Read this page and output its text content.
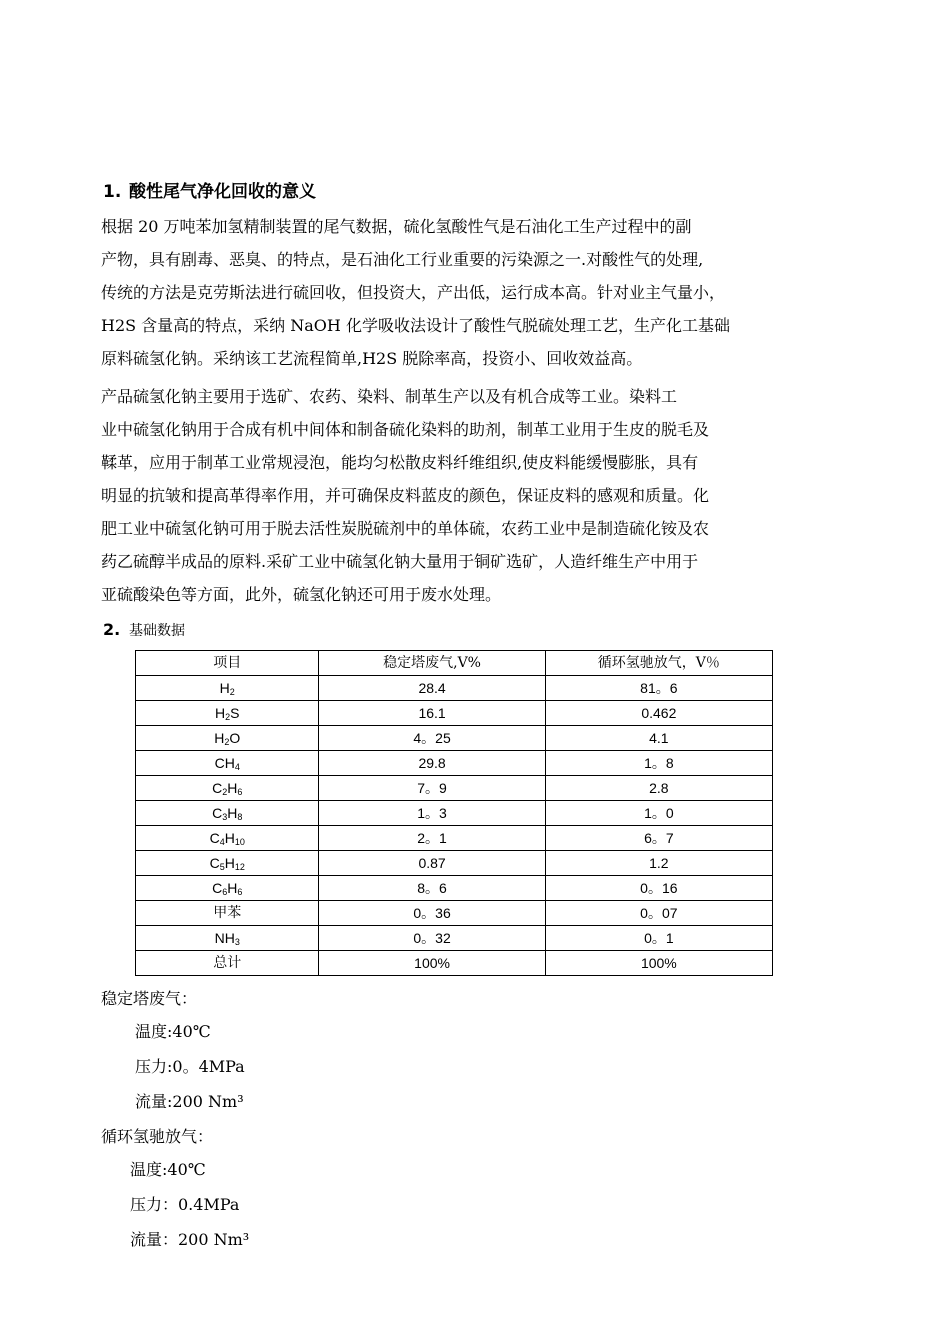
1. 酸性尾气净化回收的意义
根据 20 万吨苯加氢精制装置的尾气数据，硫化氢酸性气是石油化工生产过程中的副
产物，具有剧毒、恶臭、的特点，是石油化工行业重要的污染源之一.对酸性气的处理,
传统的方法是克劳斯法进行硫回收，但投资大，产出低，运行成本高。针对业主气量小，
H2S 含量高的特点，采纳 NaOH 化学吸收法设计了酸性气脱硫处理工艺，生产化工基础
原料硫氢化钠。采纳该工艺流程简单,H2S 脱除率高，投资小、回收效益高。
产品硫氢化钠主要用于选矿、农药、染料、制革生产以及有机合成等工业。染料工
业中硫氢化钠用于合成有机中间体和制备硫化染料的助剂，制革工业用于生皮的脱毛及
鞣革，应用于制革工业常规浸泡，能均匀松散皮料纤维组织,使皮料能缓慢膨胀，具有
明显的抗皱和提高革得率作用，并可确保皮料蓝皮的颜色，保证皮料的感观和质量。化
肥工业中硫氢化钠可用于脱去活性炭脱硫剂中的单体硫，农药工业中是制造硫化铵及农
药乙硫醇半成品的原料.采矿工业中硫氢化钠大量用于铜矿选矿，人造纤维生产中用于
亚硫酸染色等方面，此外，硫氢化钠还可用于废水处理。
2. 基础数据
项目	稳定塔废气,V%	循环氢驰放气，V％
$H_2$	28.4	81。6
$H_2S$	16.1	0.462
$H_2O$	4。25	4.1
$CH_4$	29.8	1。8
$C_2H_6$	7。9	2.8
$C_3H_8$	1。3	1。0
$C_4H_{10}$	2。1	6。7
$C_5H_{12}$	0.87	1.2
$C_6H_6$	8。6	0。16
甲苯	0。36	0。07
$NH_3$	0。32	0。1
总计	100%	100%
稳定塔废气：
温度:40℃
压力:0。4MPa
流量:200 Nm³
循环氢驰放气：
温度:40℃
压力：0.4MPa
流量：200 Nm³
